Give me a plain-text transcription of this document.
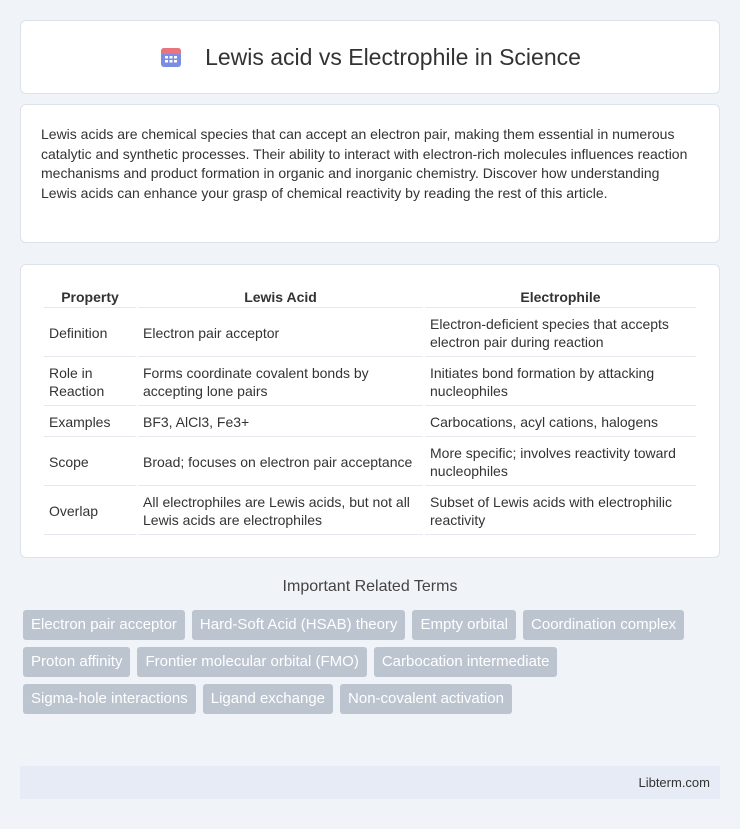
Lewis acid vs Electrophile in Science

Lewis acids are chemical species that can accept an electron pair, making them essential in numerous catalytic and synthetic processes. Their ability to interact with electron-rich molecules influences reaction mechanisms and product formation in organic and inorganic chemistry. Discover how understanding Lewis acids can enhance your grasp of chemical reactivity by reading the rest of this article.

Property	Lewis Acid	Electrophile
Definition	Electron pair acceptor	Electron-deficient species that accepts electron pair during reaction
Role in Reaction	Forms coordinate covalent bonds by accepting lone pairs	Initiates bond formation by attacking nucleophiles
Examples	BF3, AlCl3, Fe3+	Carbocations, acyl cations, halogens
Scope	Broad; focuses on electron pair acceptance	More specific; involves reactivity toward nucleophiles
Overlap	All electrophiles are Lewis acids, but not all Lewis acids are electrophiles	Subset of Lewis acids with electrophilic reactivity
Important Related Terms
Electron pair acceptor	Hard-Soft Acid (HSAB) theory	Empty orbital	Coordination complex
Proton affinity	Frontier molecular orbital (FMO)	Carbocation intermediate
Sigma-hole interactions	Ligand exchange	Non-covalent activation
Libterm.com
